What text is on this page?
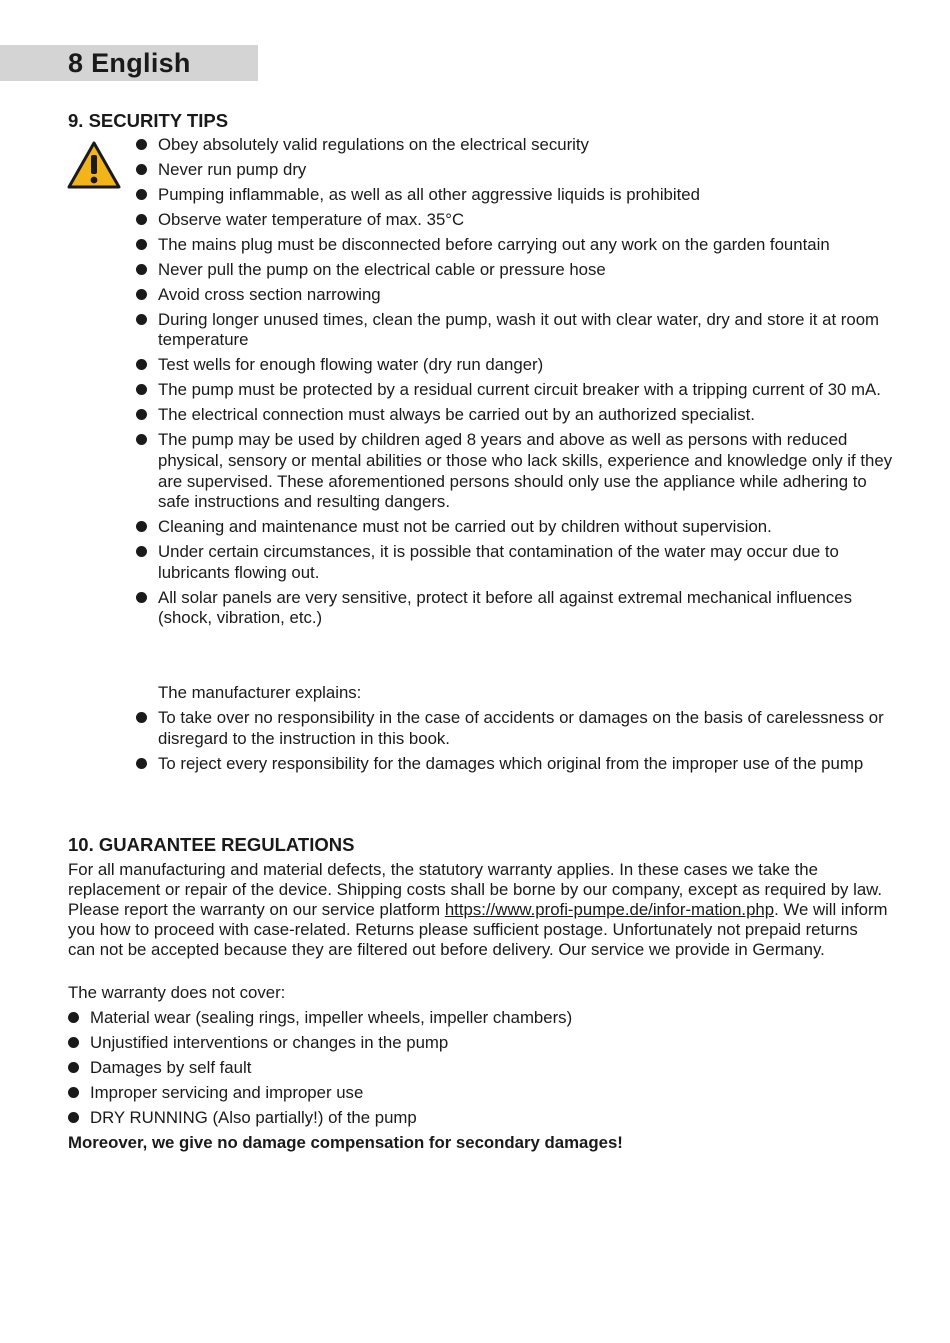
8 English
9. SECURITY TIPS
Obey absolutely valid regulations on the electrical security
Never run pump dry
Pumping inflammable, as well as all other aggressive liquids is prohibited
Observe water temperature of max. 35°C
The mains plug must be disconnected before carrying out any work on the garden fountain
Never pull the pump on the electrical cable or pressure hose
Avoid cross section narrowing
During longer unused times, clean the pump, wash it out with clear water, dry and store it at room temperature
Test wells for enough flowing water (dry run danger)
The pump must be protected by a residual current circuit breaker with a tripping current of 30 mA.
The electrical connection must always be carried out by an authorized specialist.
The pump may be used by children aged 8 years and above as well as persons with reduced physical, sensory or mental abilities or those who lack skills, experience and knowledge only if they are supervised. These aforementioned persons should only use the appliance while adhering to safe instructions and resulting dangers.
Cleaning and maintenance must not be carried out by children without supervision.
Under certain circumstances, it is possible that contamination of the water may occur due to lubricants flowing out.
All solar panels are very sensitive, protect it before all against extremal mechanical influences (shock, vibration, etc.)
The manufacturer explains:
To take over no responsibility in the case of accidents or damages on the basis of carelessness or disregard to the instruction in this book.
To reject every responsibility for the damages which original from the improper use of the pump
10. GUARANTEE REGULATIONS

For all manufacturing and material defects, the statutory warranty applies. In these cases we take the replacement or repair of the device. Shipping costs shall be borne by our company, except as required by law. Please report the warranty on our service platform https://www.profi-pumpe.de/infor-mation.php. We will inform you how to proceed with case-related. Returns please sufficient postage. Unfortunately not prepaid returns can not be accepted because they are filtered out before delivery. Our service we provide in Germany.

The warranty does not cover:
Material wear (sealing rings, impeller wheels, impeller chambers)
Unjustified interventions or changes in the pump
Damages by self fault
Improper servicing and improper use
DRY RUNNING (Also partially!) of the pump
Moreover, we give no damage compensation for secondary damages!
